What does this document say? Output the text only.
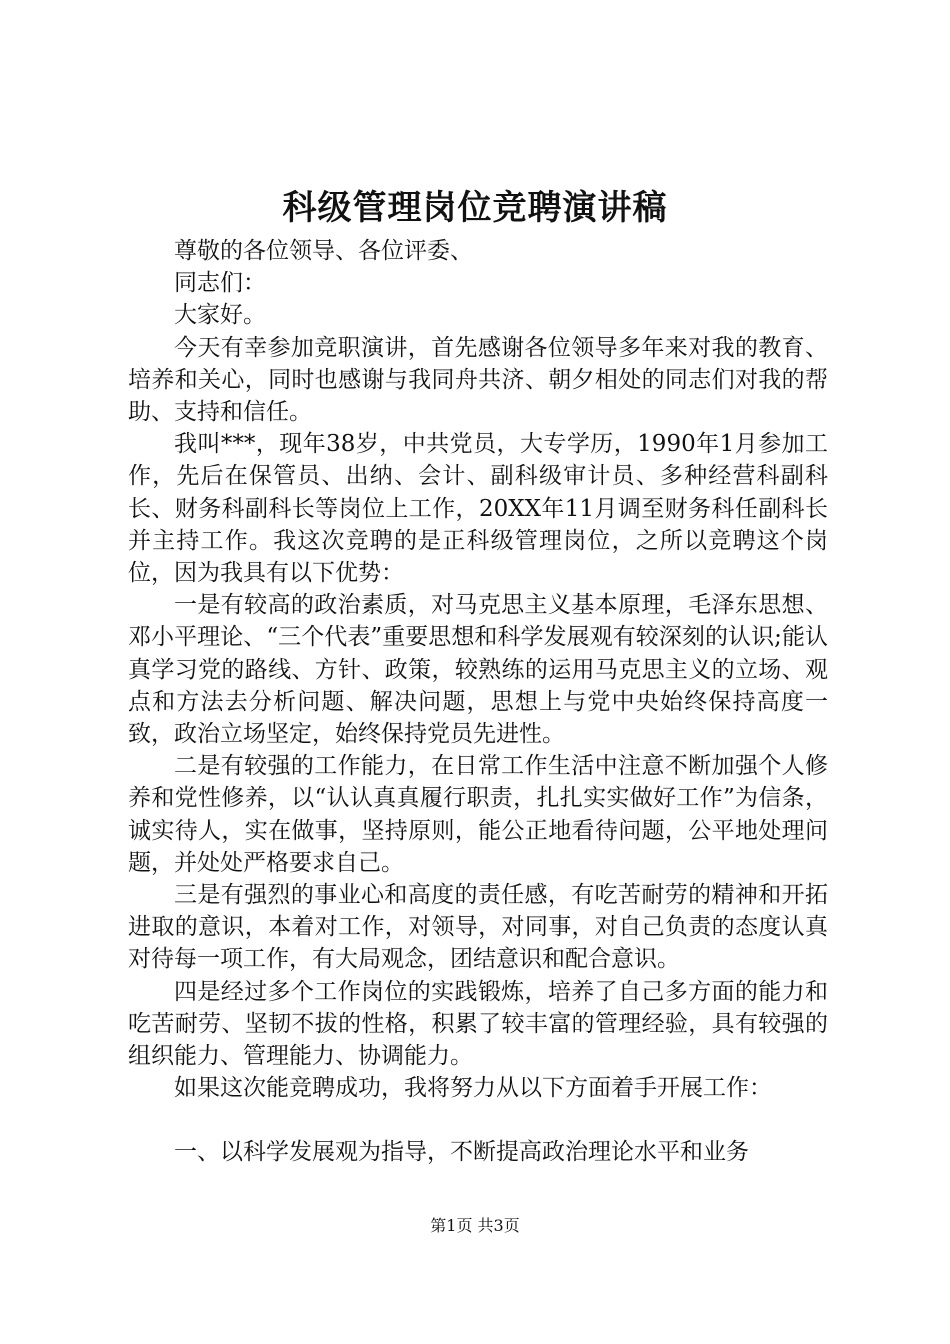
科级管理岗位竞聘演讲稿

尊敬的各位领导、各位评委、

同志们：

大家好。

今天有幸参加竞职演讲，首先感谢各位领导多年来对我的教育、培养和关心，同时也感谢与我同舟共济、朝夕相处的同志们对我的帮助、支持和信任。

我叫***，现年38岁，中共党员，大专学历，1990年1月参加工作，先后在保管员、出纳、会计、副科级审计员、多种经营科副科长、财务科副科长等岗位上工作，20XX年11月调至财务科任副科长并主持工作。我这次竞聘的是正科级管理岗位，之所以竞聘这个岗位，因为我具有以下优势：

一是有较高的政治素质，对马克思主义基本原理，毛泽东思想、邓小平理论、“三个代表”重要思想和科学发展观有较深刻的认识;能认真学习党的路线、方针、政策，较熟练的运用马克思主义的立场、观点和方法去分析问题、解决问题，思想上与党中央始终保持高度一致，政治立场坚定，始终保持党员先进性。

二是有较强的工作能力，在日常工作生活中注意不断加强个人修养和党性修养，以“认认真真履行职责，扎扎实实做好工作”为信条，诚实待人，实在做事，坚持原则，能公正地看待问题，公平地处理问题，并处处严格要求自己。

三是有强烈的事业心和高度的责任感，有吃苦耐劳的精神和开拓进取的意识，本着对工作，对领导，对同事，对自己负责的态度认真对待每一项工作，有大局观念，团结意识和配合意识。

四是经过多个工作岗位的实践锻炼，培养了自己多方面的能力和吃苦耐劳、坚韧不拔的性格，积累了较丰富的管理经验，具有较强的组织能力、管理能力、协调能力。

如果这次能竞聘成功，我将努力从以下方面着手开展工作：

一、以科学发展观为指导，不断提高政治理论水平和业务

第1页 共3页
